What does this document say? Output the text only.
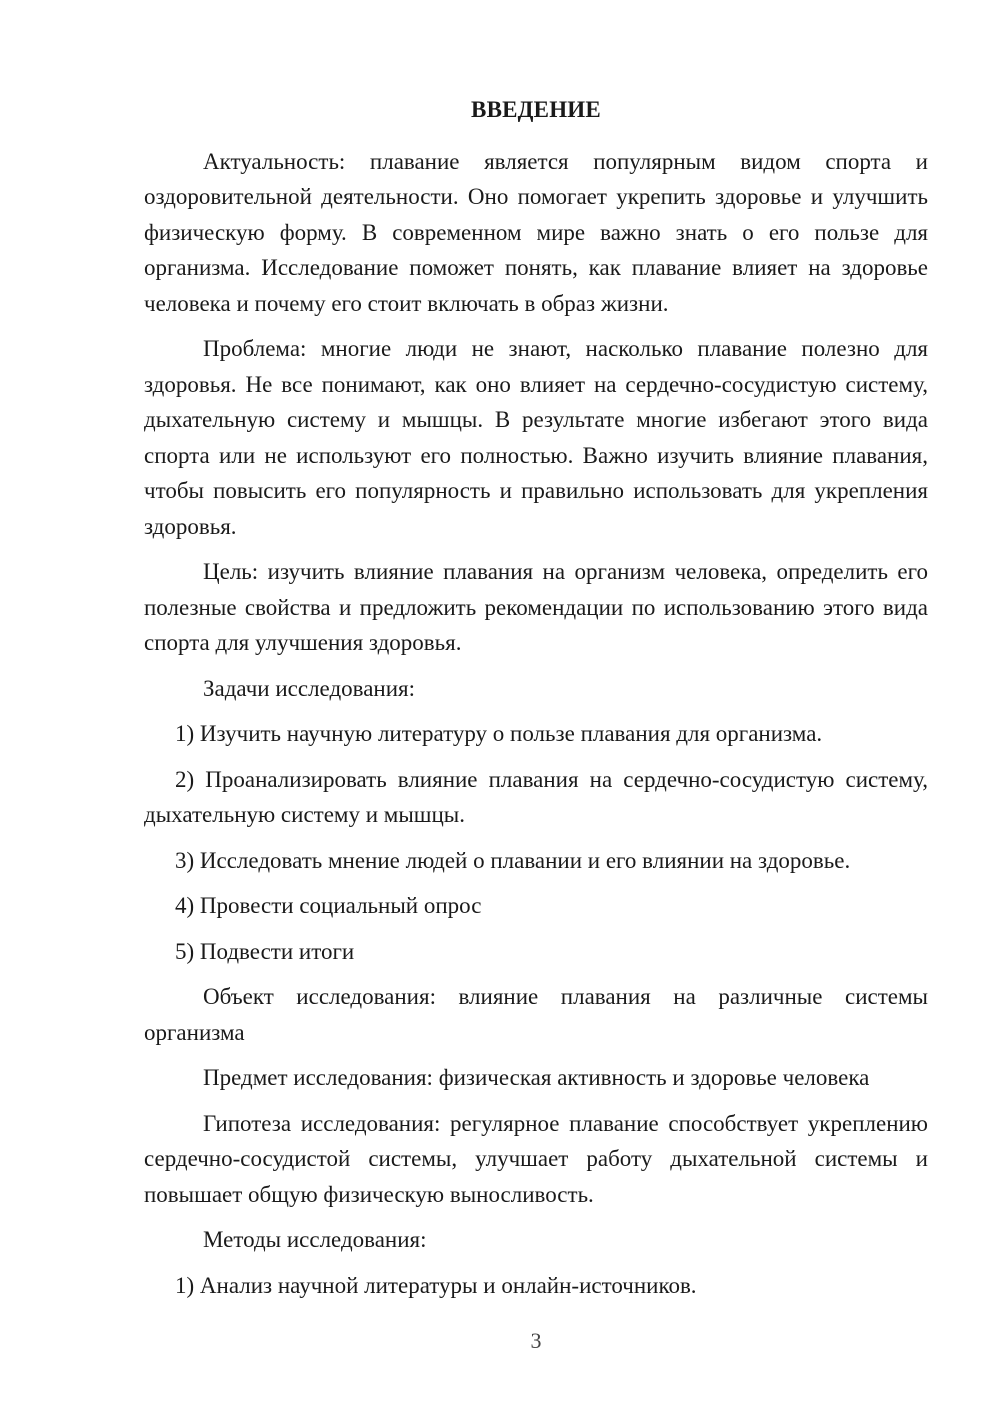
ВВЕДЕНИЕ

Актуальность: плавание является популярным видом спорта и оздоровительной деятельности. Оно помогает укрепить здоровье и улучшить физическую форму. В современном мире важно знать о его пользе для организма. Исследование поможет понять, как плавание влияет на здоровье человека и почему его стоит включать в образ жизни.

Проблема: многие люди не знают, насколько плавание полезно для здоровья. Не все понимают, как оно влияет на сердечно-сосудистую систему, дыхательную систему и мышцы. В результате многие избегают этого вида спорта или не используют его полностью. Важно изучить влияние плавания, чтобы повысить его популярность и правильно использовать для укрепления здоровья.

Цель: изучить влияние плавания на организм человека, определить его полезные свойства и предложить рекомендации по использованию этого вида спорта для улучшения здоровья.

Задачи исследования:

1) Изучить научную литературу о пользе плавания для организма.

2) Проанализировать влияние плавания на сердечно-сосудистую систему, дыхательную систему и мышцы.

3) Исследовать мнение людей о плавании и его влиянии на здоровье.

4) Провести социальный опрос

5) Подвести итоги

Объект исследования: влияние плавания на различные системы организма

Предмет исследования: физическая активность и здоровье человека

Гипотеза исследования: регулярное плавание способствует укреплению сердечно-сосудистой системы, улучшает работу дыхательной системы и повышает общую физическую выносливость.

Методы исследования:

1) Анализ научной литературы и онлайн-источников.

3
